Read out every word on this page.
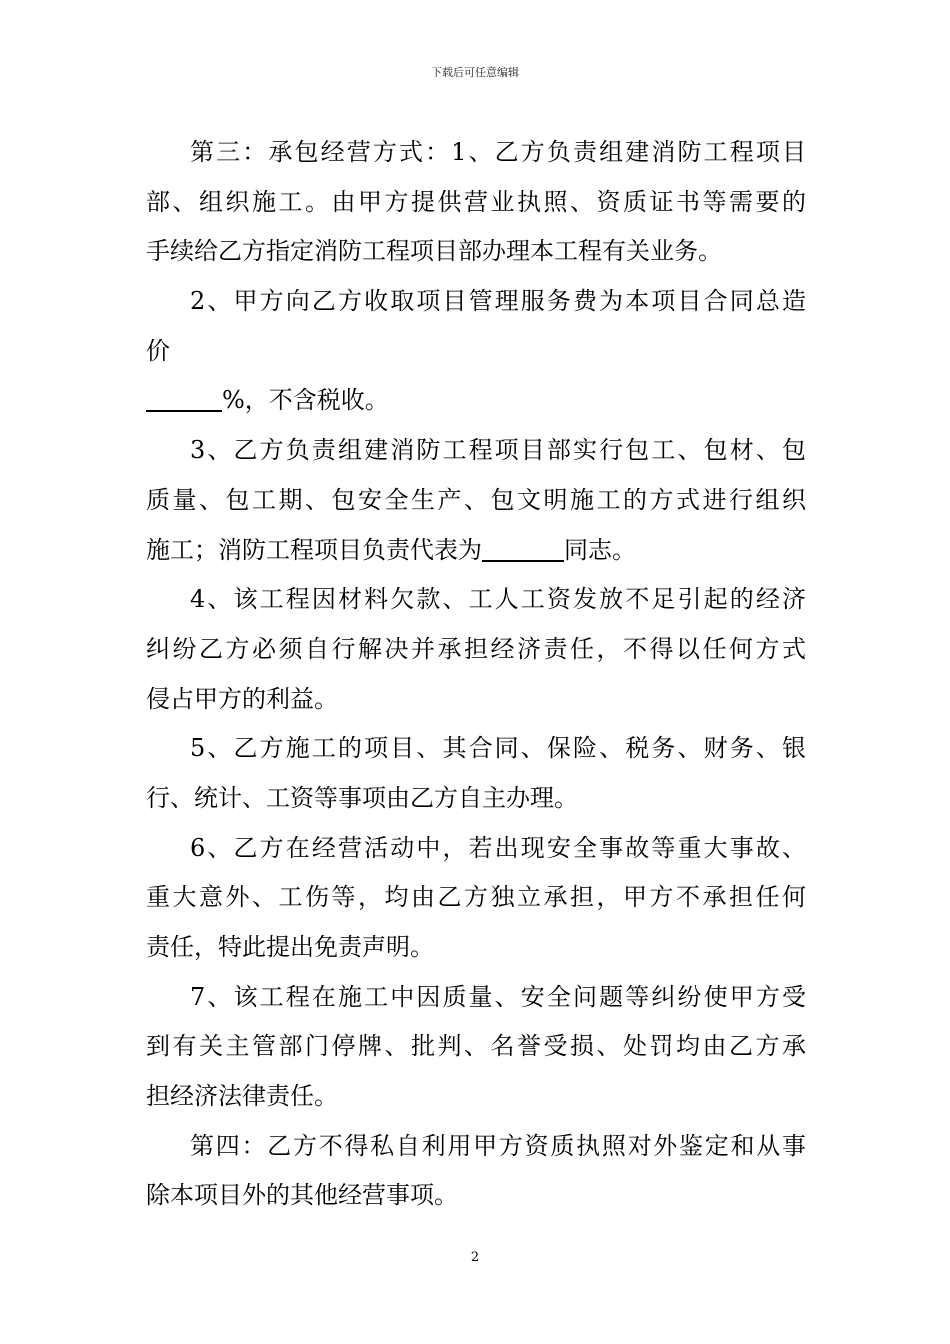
下载后可任意编辑
第三：承包经营方式：1、乙方负责组建消防工程项目
部、组织施工。由甲方提供营业执照、资质证书等需要的
手续给乙方指定消防工程项目部办理本工程有关业务。
2、甲方向乙方收取项目管理服务费为本项目合同总造
价
%，不含税收。
3、乙方负责组建消防工程项目部实行包工、包材、包
质量、包工期、包安全生产、包文明施工的方式进行组织
施工；消防工程项目负责代表为	同志。
4、该工程因材料欠款、工人工资发放不足引起的经济
纠纷乙方必须自行解决并承担经济责任，不得以任何方式
侵占甲方的利益。
5、乙方施工的项目、其合同、保险、税务、财务、银
行、统计、工资等事项由乙方自主办理。
6、乙方在经营活动中，若出现安全事故等重大事故、
重大意外、工伤等，均由乙方独立承担，甲方不承担任何
责任，特此提出免责声明。
7、该工程在施工中因质量、安全问题等纠纷使甲方受
到有关主管部门停牌、批判、名誉受损、处罚均由乙方承
担经济法律责任。
第四：乙方不得私自利用甲方资质执照对外鉴定和从事
除本项目外的其他经营事项。
2
